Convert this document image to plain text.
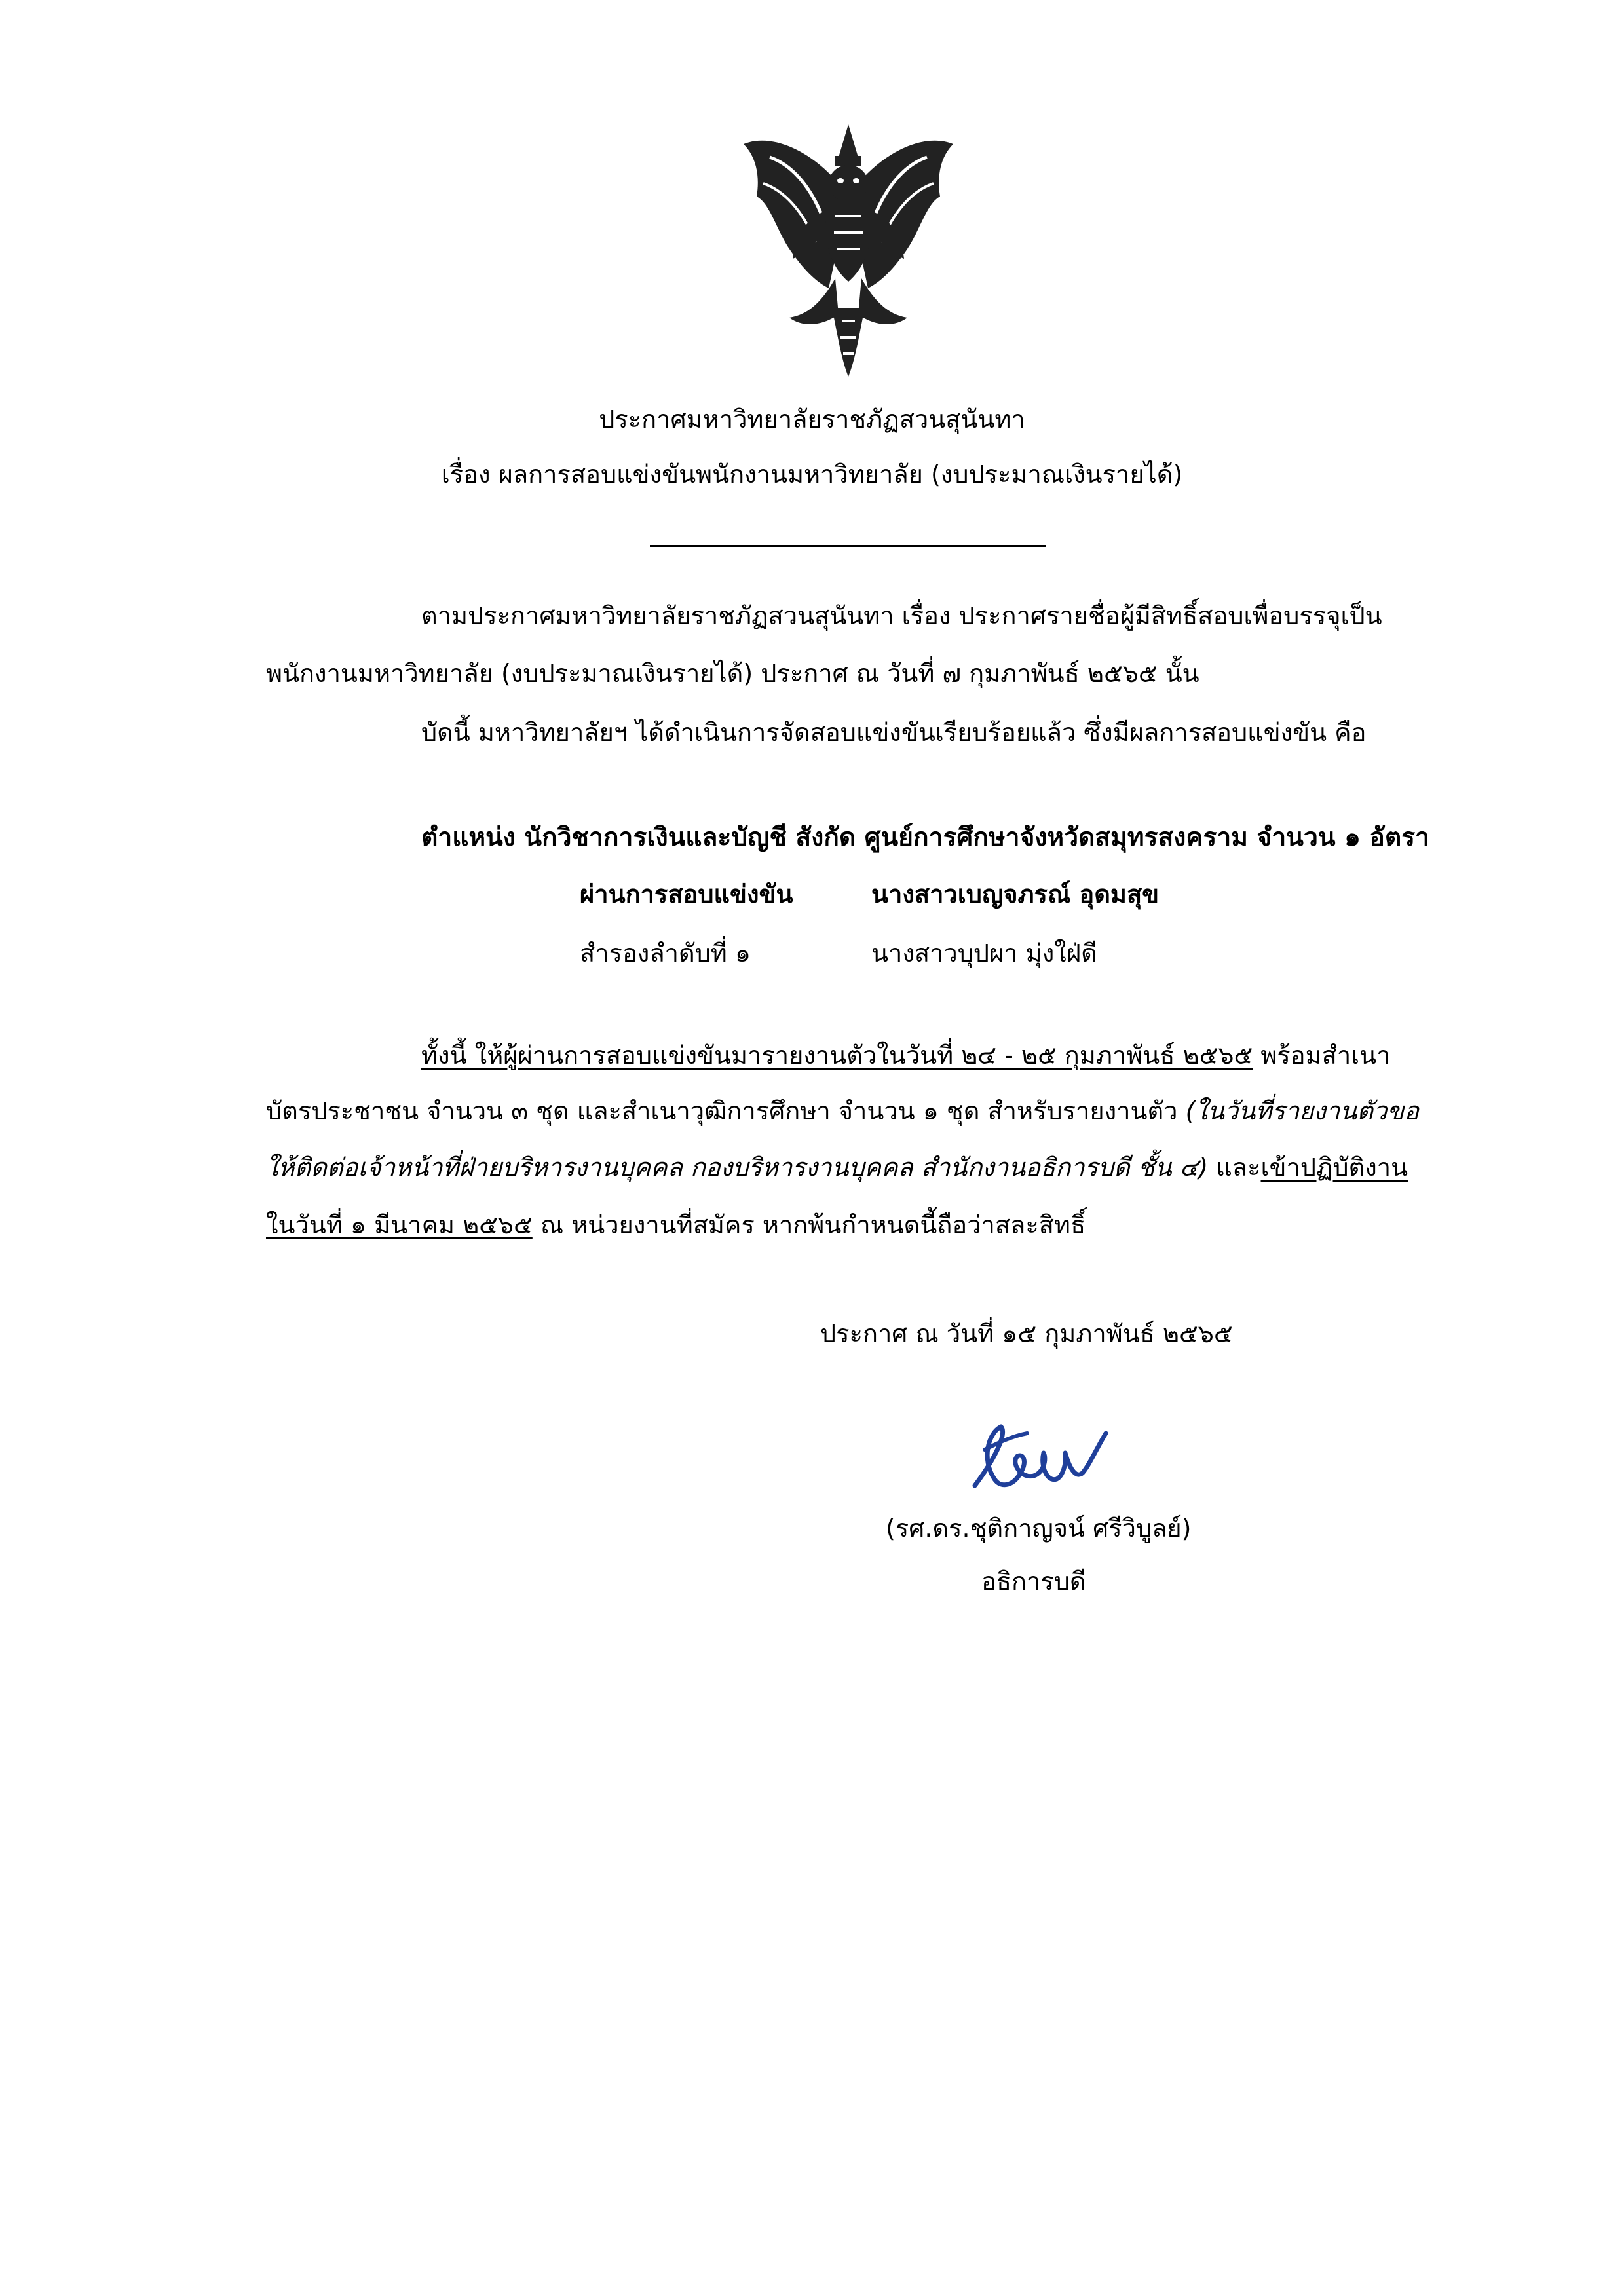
ประกาศมหาวิทยาลัยราชภัฏสวนสุนันทา
เรื่อง ผลการสอบแข่งขันพนักงานมหาวิทยาลัย (งบประมาณเงินรายได้)
ตามประกาศมหาวิทยาลัยราชภัฏสวนสุนันทา เรื่อง ประกาศรายชื่อผู้มีสิทธิ์สอบเพื่อบรรจุเป็น
พนักงานมหาวิทยาลัย (งบประมาณเงินรายได้) ประกาศ ณ วันที่ ๗ กุมภาพันธ์ ๒๕๖๕ นั้น
บัดนี้ มหาวิทยาลัยฯ ได้ดำเนินการจัดสอบแข่งขันเรียบร้อยแล้ว ซึ่งมีผลการสอบแข่งขัน คือ
ตำแหน่ง นักวิชาการเงินและบัญชี สังกัด ศูนย์การศึกษาจังหวัดสมุทรสงคราม จำนวน ๑ อัตรา
ผ่านการสอบแข่งขัน	นางสาวเบญจภรณ์ อุดมสุข
สำรองลำดับที่ ๑	นางสาวบุปผา มุ่งใฝ่ดี
ทั้งนี้ ให้ผู้ผ่านการสอบแข่งขันมารายงานตัวในวันที่ ๒๔ - ๒๕ กุมภาพันธ์ ๒๕๖๕ พร้อมสำเนา
บัตรประชาชน จำนวน ๓ ชุด และสำเนาวุฒิการศึกษา จำนวน ๑ ชุด สำหรับรายงานตัว (ในวันที่รายงานตัวขอ
ให้ติดต่อเจ้าหน้าที่ฝ่ายบริหารงานบุคคล กองบริหารงานบุคคล สำนักงานอธิการบดี ชั้น ๔) และเข้าปฏิบัติงาน
ในวันที่ ๑ มีนาคม ๒๕๖๕ ณ หน่วยงานที่สมัคร หากพ้นกำหนดนี้ถือว่าสละสิทธิ์
ประกาศ ณ วันที่ ๑๕ กุมภาพันธ์ ๒๕๖๕
(รศ.ดร.ชุติกาญจน์ ศรีวิบูลย์)
อธิการบดี
